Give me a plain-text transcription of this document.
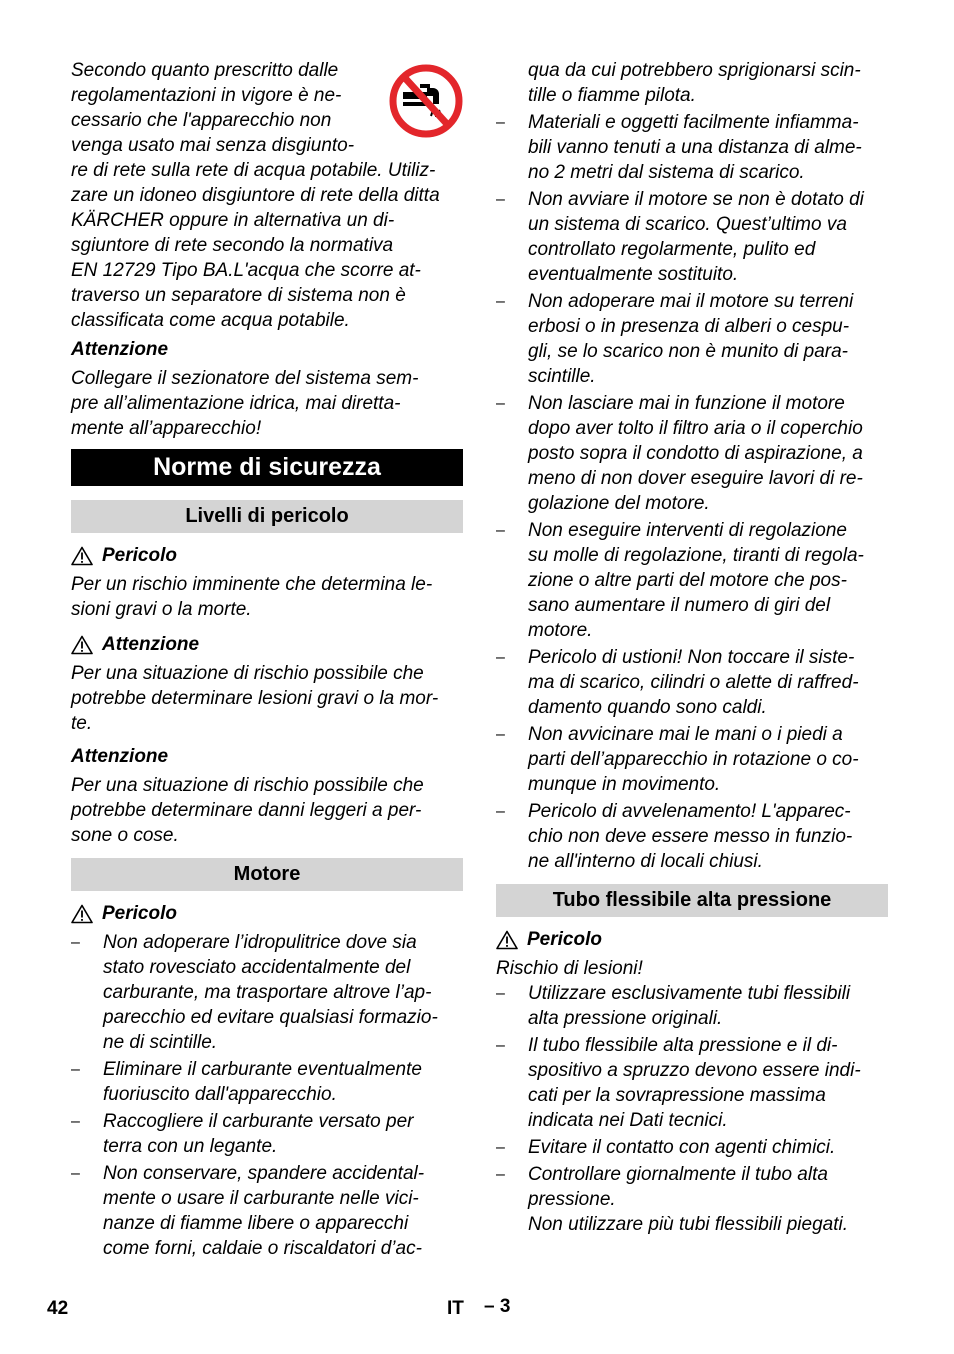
Secondo quanto prescritto dalle

regolamentazioni in vigore è ne-

cessario che l'apparecchio non

venga usato mai senza disgiunto-

re di rete sulla rete di acqua potabile. Utiliz-

zare un idoneo disgiuntore di rete della ditta

KÄRCHER oppure in alternativa un di-

sgiuntore di rete secondo la normativa

EN 12729 Tipo BA.L'acqua che scorre at-

traverso un separatore di sistema non è

classificata come acqua potabile.

Attenzione

Collegare il sezionatore del sistema sem-

pre all’alimentazione idrica, mai diretta-

mente all’apparecchio!

Norme di sicurezza
Livelli di pericolo
Pericolo

Per un rischio imminente che determina le-

sioni gravi o la morte.

Attenzione

Per una situazione di rischio possibile che

potrebbe determinare lesioni gravi o la mor-

te.

Attenzione

Per una situazione di rischio possibile che

potrebbe determinare danni leggeri a per-

sone o cose.

Motore
Pericolo
– Non adoperare l’idropulitrice dove sia

stato rovesciato accidentalmente del

carburante, ma trasportare altrove l’ap-

parecchio ed evitare qualsiasi formazio-

ne di scintille.

– Eliminare il carburante eventualmente

fuoriuscito dall'apparecchio.

– Raccogliere il carburante versato per

terra con un legante.

– Non conservare, spandere accidental-

mente o usare il carburante nelle vici-

nanze di fiamme libere o apparecchi

come forni, caldaie o riscaldatori d’ac-

qua da cui potrebbero sprigionarsi scin-

tille o fiamme pilota.

– Materiali e oggetti facilmente infiamma-

bili vanno tenuti a una distanza di alme-

no 2 metri dal sistema di scarico.

– Non avviare il motore se non è dotato di

un sistema di scarico. Quest’ultimo va

controllato regolarmente, pulito ed

eventualmente sostituito.

– Non adoperare mai il motore su terreni

erbosi o in presenza di alberi o cespu-

gli, se lo scarico non è munito di para-

scintille.

– Non lasciare mai in funzione il motore

dopo aver tolto il filtro aria o il coperchio

posto sopra il condotto di aspirazione, a

meno di non dover eseguire lavori di re-

golazione del motore.

– Non eseguire interventi di regolazione

su molle di regolazione, tiranti di regola-

zione o altre parti del motore che pos-

sano aumentare il numero di giri del

motore.

– Pericolo di ustioni! Non toccare il siste-

ma di scarico, cilindri o alette di raffred-

damento quando sono caldi.

– Non avvicinare mai le mani o i piedi a

parti dell’apparecchio in rotazione o co-

munque in movimento.

– Pericolo di avvelenamento! L'apparec-

chio non deve essere messo in funzio-

ne all'interno di locali chiusi.

Tubo flessibile alta pressione
Pericolo

Rischio di lesioni!

– Utilizzare esclusivamente tubi flessibili

alta pressione originali.

– Il tubo flessibile alta pressione e il di-

spositivo a spruzzo devono essere indi-

cati per la sovrapressione massima

indicata nei Dati tecnici.

– Evitare il contatto con agenti chimici.

– Controllare giornalmente il tubo alta

pressione.

Non utilizzare più tubi flessibili piegati.

42	IT – 3
